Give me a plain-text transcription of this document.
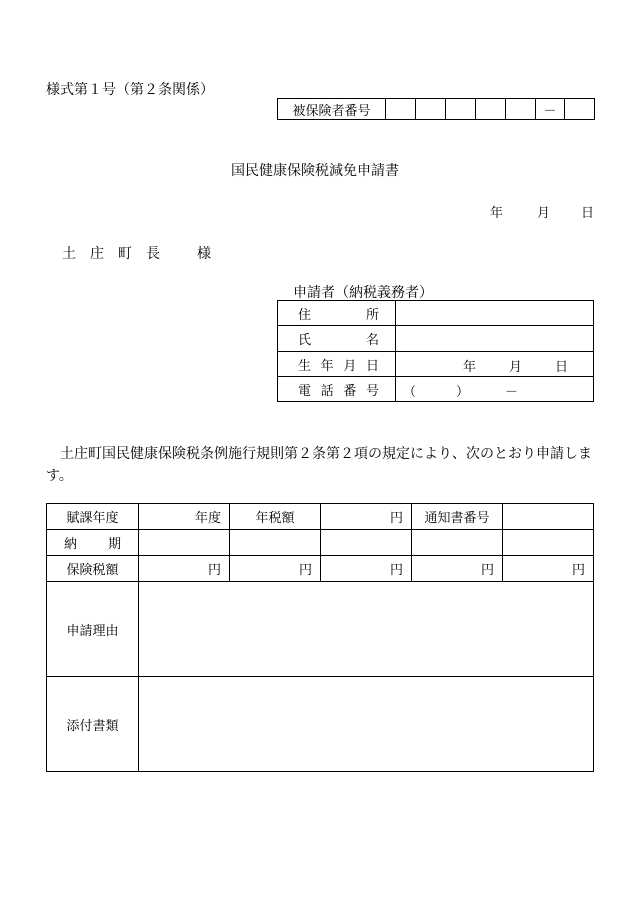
様式第１号（第２条関係）
被保険者番号						－	
国民健康保険税減免申請書
年	月 日
土　庄　町　長	様
申請者（納税義務者）
住　　　所	

氏　　　名	

生 年 月 日	年 月 日

電 話 番 号	（ ） －
土庄町国民健康保険税条例施行規則第２条第２項の規定により、次のとおり申請します。
賦課年度	年度	年税額	円	通知書番号	

納　　期					

保険税額	円	円	円	円	円
申請理由					
添付書類					
